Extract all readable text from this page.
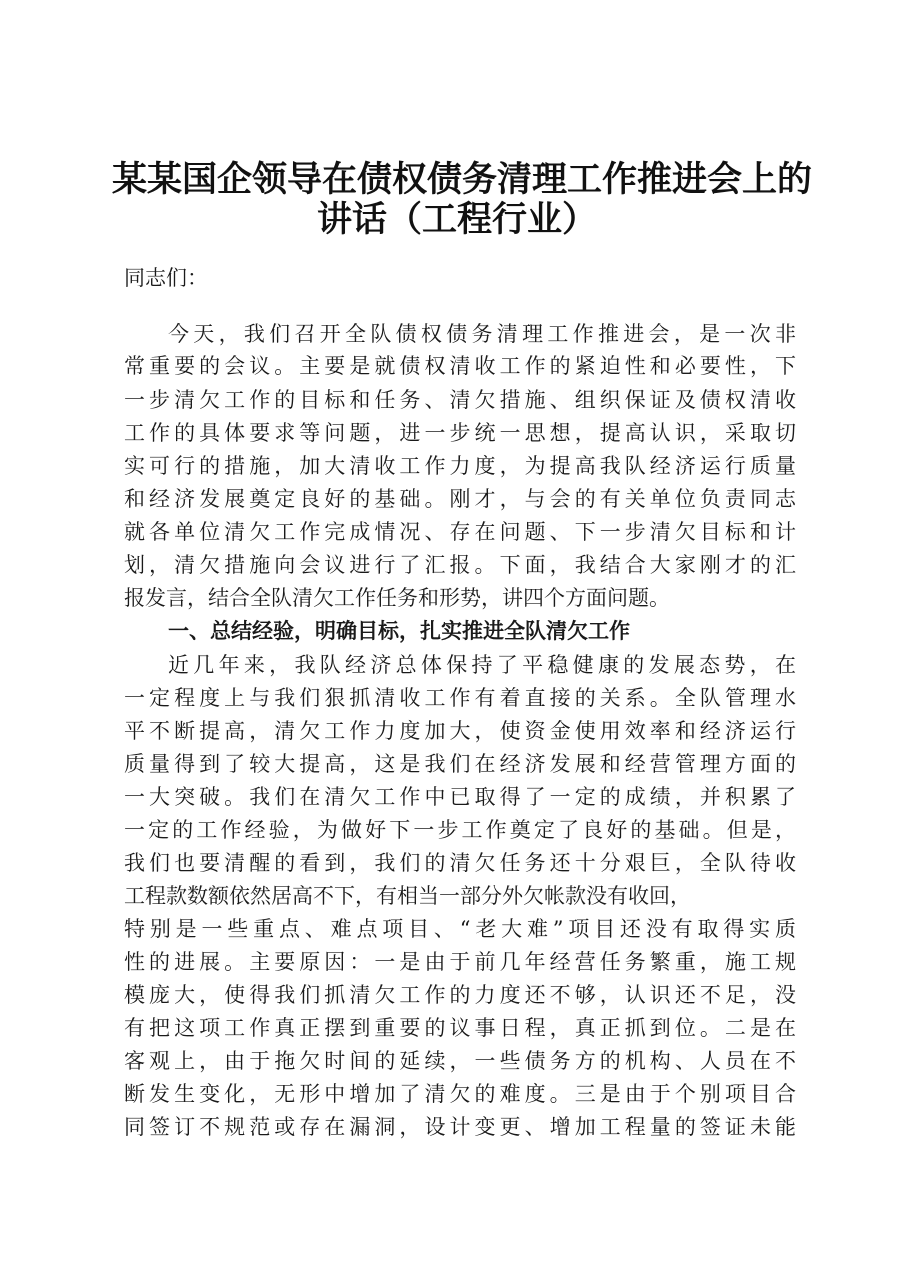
某某国企领导在债权债务清理工作推进会上的
讲话（工程行业）
同志们：
今天，我们召开全队债权债务清理工作推进会，是一次非
常重要的会议。主要是就债权清收工作的紧迫性和必要性，下
一步清欠工作的目标和任务、清欠措施、组织保证及债权清收
工作的具体要求等问题，进一步统一思想，提高认识，采取切
实可行的措施，加大清收工作力度，为提高我队经济运行质量
和经济发展奠定良好的基础。刚才，与会的有关单位负责同志
就各单位清欠工作完成情况、存在问题、下一步清欠目标和计
划，清欠措施向会议进行了汇报。下面，我结合大家刚才的汇
报发言，结合全队清欠工作任务和形势，讲四个方面问题。
一、总结经验，明确目标，扎实推进全队清欠工作
近几年来，我队经济总体保持了平稳健康的发展态势，在
一定程度上与我们狠抓清收工作有着直接的关系。全队管理水
平不断提高，清欠工作力度加大，使资金使用效率和经济运行
质量得到了较大提高，这是我们在经济发展和经营管理方面的
一大突破。我们在清欠工作中已取得了一定的成绩，并积累了
一定的工作经验，为做好下一步工作奠定了良好的基础。但是，
我们也要清醒的看到，我们的清欠任务还十分艰巨，全队待收
工程款数额依然居高不下，有相当一部分外欠帐款没有收回，
特别是一些重点、难点项目、“老大难”项目还没有取得实质
性的进展。主要原因：一是由于前几年经营任务繁重，施工规
模庞大，使得我们抓清欠工作的力度还不够，认识还不足，没
有把这项工作真正摆到重要的议事日程，真正抓到位。二是在
客观上，由于拖欠时间的延续，一些债务方的机构、人员在不
断发生变化，无形中增加了清欠的难度。三是由于个别项目合
同签订不规范或存在漏洞，设计变更、增加工程量的签证未能
